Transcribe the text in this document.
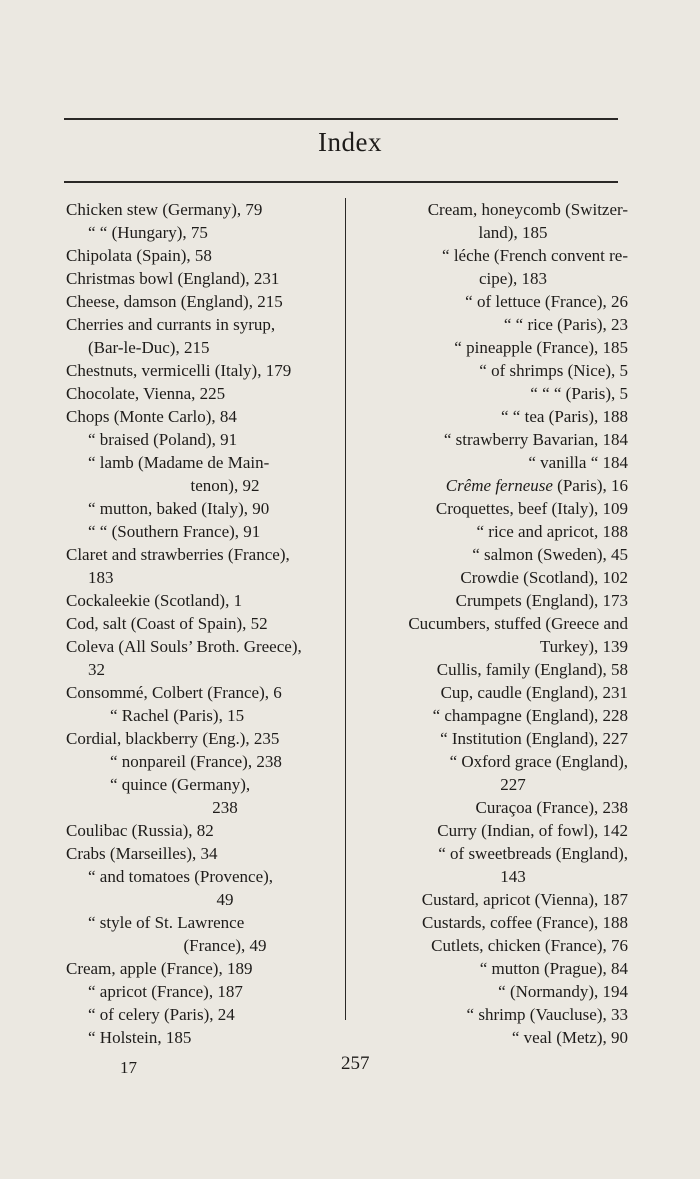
Index
Chicken stew (Germany), 79
“ “ (Hungary), 75
Chipolata (Spain), 58
Christmas bowl (England), 231
Cheese, damson (England), 215
Cherries and currants in syrup,
(Bar-le-Duc), 215
Chestnuts, vermicelli (Italy), 179
Chocolate, Vienna, 225
Chops (Monte Carlo), 84
“ braised (Poland), 91
“ lamb (Madame de Main-
tenon), 92
“ mutton, baked (Italy), 90
“ “ (Southern France), 91
Claret and strawberries (France),
183
Cockaleekie (Scotland), 1
Cod, salt (Coast of Spain), 52
Coleva (All Souls’ Broth. Greece),
32
Consommé, Colbert (France), 6
“ Rachel (Paris), 15
Cordial, blackberry (Eng.), 235
“ nonpareil (France), 238
“ quince (Germany),
238
Coulibac (Russia), 82
Crabs (Marseilles), 34
“ and tomatoes (Provence),
49
“ style of St. Lawrence
(France), 49
Cream, apple (France), 189
“ apricot (France), 187
“ of celery (Paris), 24
“ Holstein, 185
Cream, honeycomb (Switzer-
land), 185
“ léche (French convent re-
cipe), 183
“ of lettuce (France), 26
“ “ rice (Paris), 23
“ pineapple (France), 185
“ of shrimps (Nice), 5
“ “ “ (Paris), 5
“ “ tea (Paris), 188
“ strawberry Bavarian, 184
“ vanilla “ 184
Crême ferneuse (Paris), 16
Croquettes, beef (Italy), 109
“ rice and apricot, 188
“ salmon (Sweden), 45
Crowdie (Scotland), 102
Crumpets (England), 173
Cucumbers, stuffed (Greece and
Turkey), 139
Cullis, family (England), 58
Cup, caudle (England), 231
“ champagne (England), 228
“ Institution (England), 227
“ Oxford grace (England),
227
Curaçoa (France), 238
Curry (Indian, of fowl), 142
“ of sweetbreads (England),
143
Custard, apricot (Vienna), 187
Custards, coffee (France), 188
Cutlets, chicken (France), 76
“ mutton (Prague), 84
“ (Normandy), 194
“ shrimp (Vaucluse), 33
“ veal (Metz), 90
17	257
